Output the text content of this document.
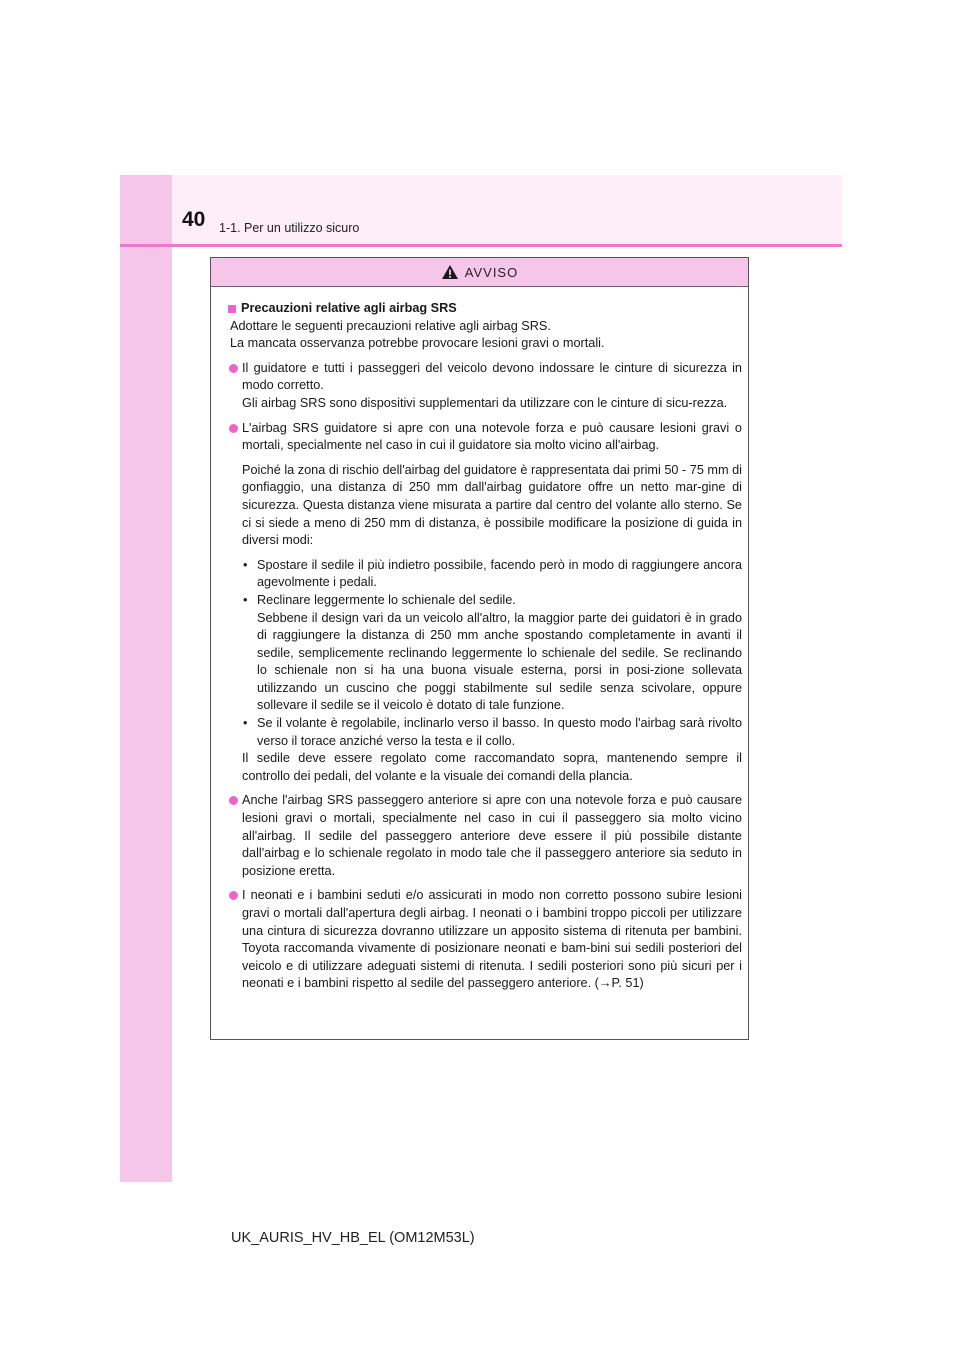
40 1-1. Per un utilizzo sicuro
AVVISO
Precauzioni relative agli airbag SRS
Adottare le seguenti precauzioni relative agli airbag SRS.
La mancata osservanza potrebbe provocare lesioni gravi o mortali.

Il guidatore e tutti i passeggeri del veicolo devono indossare le cinture di sicurezza in modo corretto.

Gli airbag SRS sono dispositivi supplementari da utilizzare con le cinture di sicu-rezza.

L'airbag SRS guidatore si apre con una notevole forza e può causare lesioni gravi o mortali, specialmente nel caso in cui il guidatore sia molto vicino all'airbag.

Poiché la zona di rischio dell'airbag del guidatore è rappresentata dai primi 50 - 75 mm di gonfiaggio, una distanza di 250 mm dall'airbag guidatore offre un netto mar-gine di sicurezza. Questa distanza viene misurata a partire dal centro del volante allo sterno. Se ci si siede a meno di 250 mm di distanza, è possibile modificare la posizione di guida in diversi modi:

• Spostare il sedile il più indietro possibile, facendo però in modo di raggiungere ancora agevolmente i pedali.
• Reclinare leggermente lo schienale del sedile.
Sebbene il design vari da un veicolo all'altro, la maggior parte dei guidatori è in grado di raggiungere la distanza di 250 mm anche spostando completamente in avanti il sedile, semplicemente reclinando leggermente lo schienale del sedile. Se reclinando lo schienale non si ha una buona visuale esterna, porsi in posi-zione sollevata utilizzando un cuscino che poggi stabilmente sul sedile senza scivolare, oppure sollevare il sedile se il veicolo è dotato di tale funzione.
• Se il volante è regolabile, inclinarlo verso il basso. In questo modo l'airbag sarà rivolto verso il torace anziché verso la testa e il collo.

Il sedile deve essere regolato come raccomandato sopra, mantenendo sempre il controllo dei pedali, del volante e la visuale dei comandi della plancia.

Anche l'airbag SRS passeggero anteriore si apre con una notevole forza e può causare lesioni gravi o mortali, specialmente nel caso in cui il passeggero sia molto vicino all'airbag. Il sedile del passeggero anteriore deve essere il più possibile distante dall'airbag e lo schienale regolato in modo tale che il passeggero anteriore sia seduto in posizione eretta.

I neonati e i bambini seduti e/o assicurati in modo non corretto possono subire lesioni gravi o mortali dall'apertura degli airbag. I neonati o i bambini troppo piccoli per utilizzare una cintura di sicurezza dovranno utilizzare un apposito sistema di ritenuta per bambini. Toyota raccomanda vivamente di posizionare neonati e bam-bini sui sedili posteriori del veicolo e di utilizzare adeguati sistemi di ritenuta. I sedili posteriori sono più sicuri per i neonati e i bambini rispetto al sedile del passeggero anteriore. (→P. 51)

UK_AURIS_HV_HB_EL (OM12M53L)
